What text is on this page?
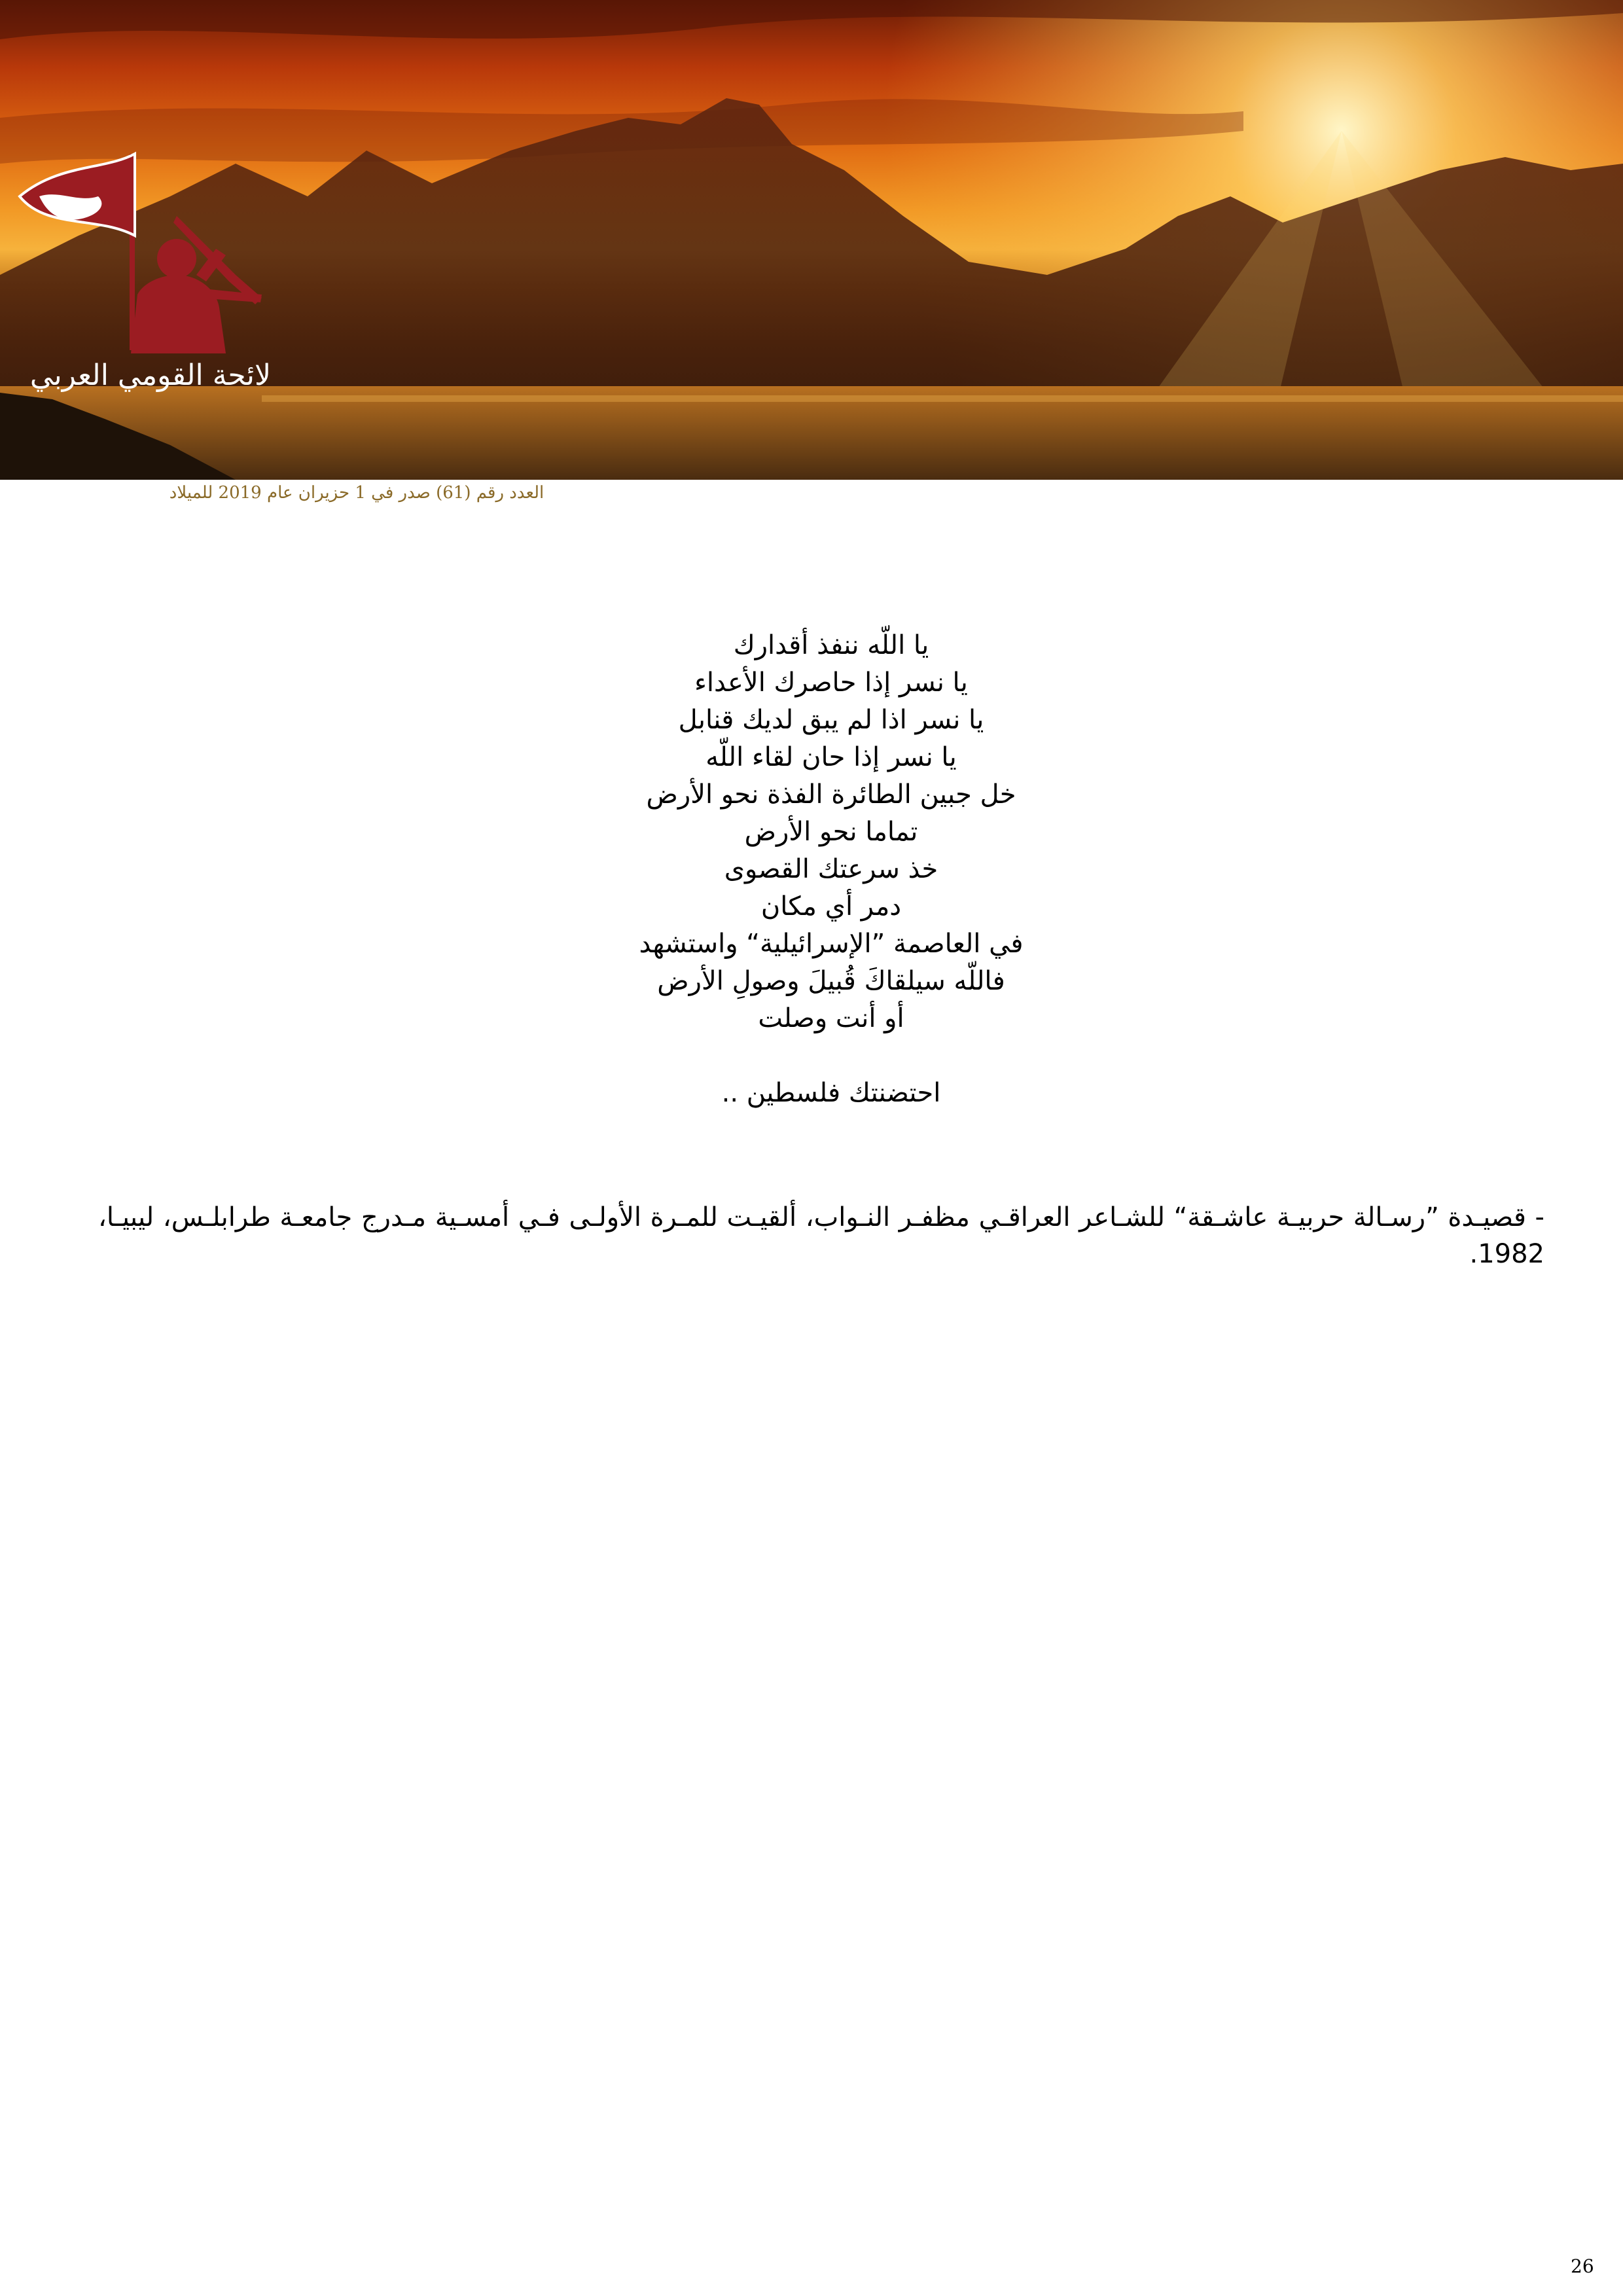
لائحة القومي العربي
العدد رقم (61) صدر في 1 حزيران عام 2019 للميلاد
يا اللّه ننفذ أقدارك
يا نسر إذا حاصرك الأعداء
يا نسر اذا لم يبق لديك قنابل
يا نسر إذا حان لقاء اللّه
خل جبين الطائرة الفذة نحو الأرض
تماما نحو الأرض
خذ سرعتك القصوى
دمر أي مكان
في العاصمة ”الإسرائيلية“ واستشهد
فاللّه سيلقاكَ قُبيلَ وصولِ الأرض
أو أنت وصلت
احتضنتك فلسطين ..
- قصيـدة ”رسـالة حربيـة عاشـقة“ للشـاعر العراقـي مظفـر النـواب، ألقيـت للمـرة الأولـى فـي أمسـية مـدرج جامعـة طرابلـس، ليبيـا، 1982.
26
